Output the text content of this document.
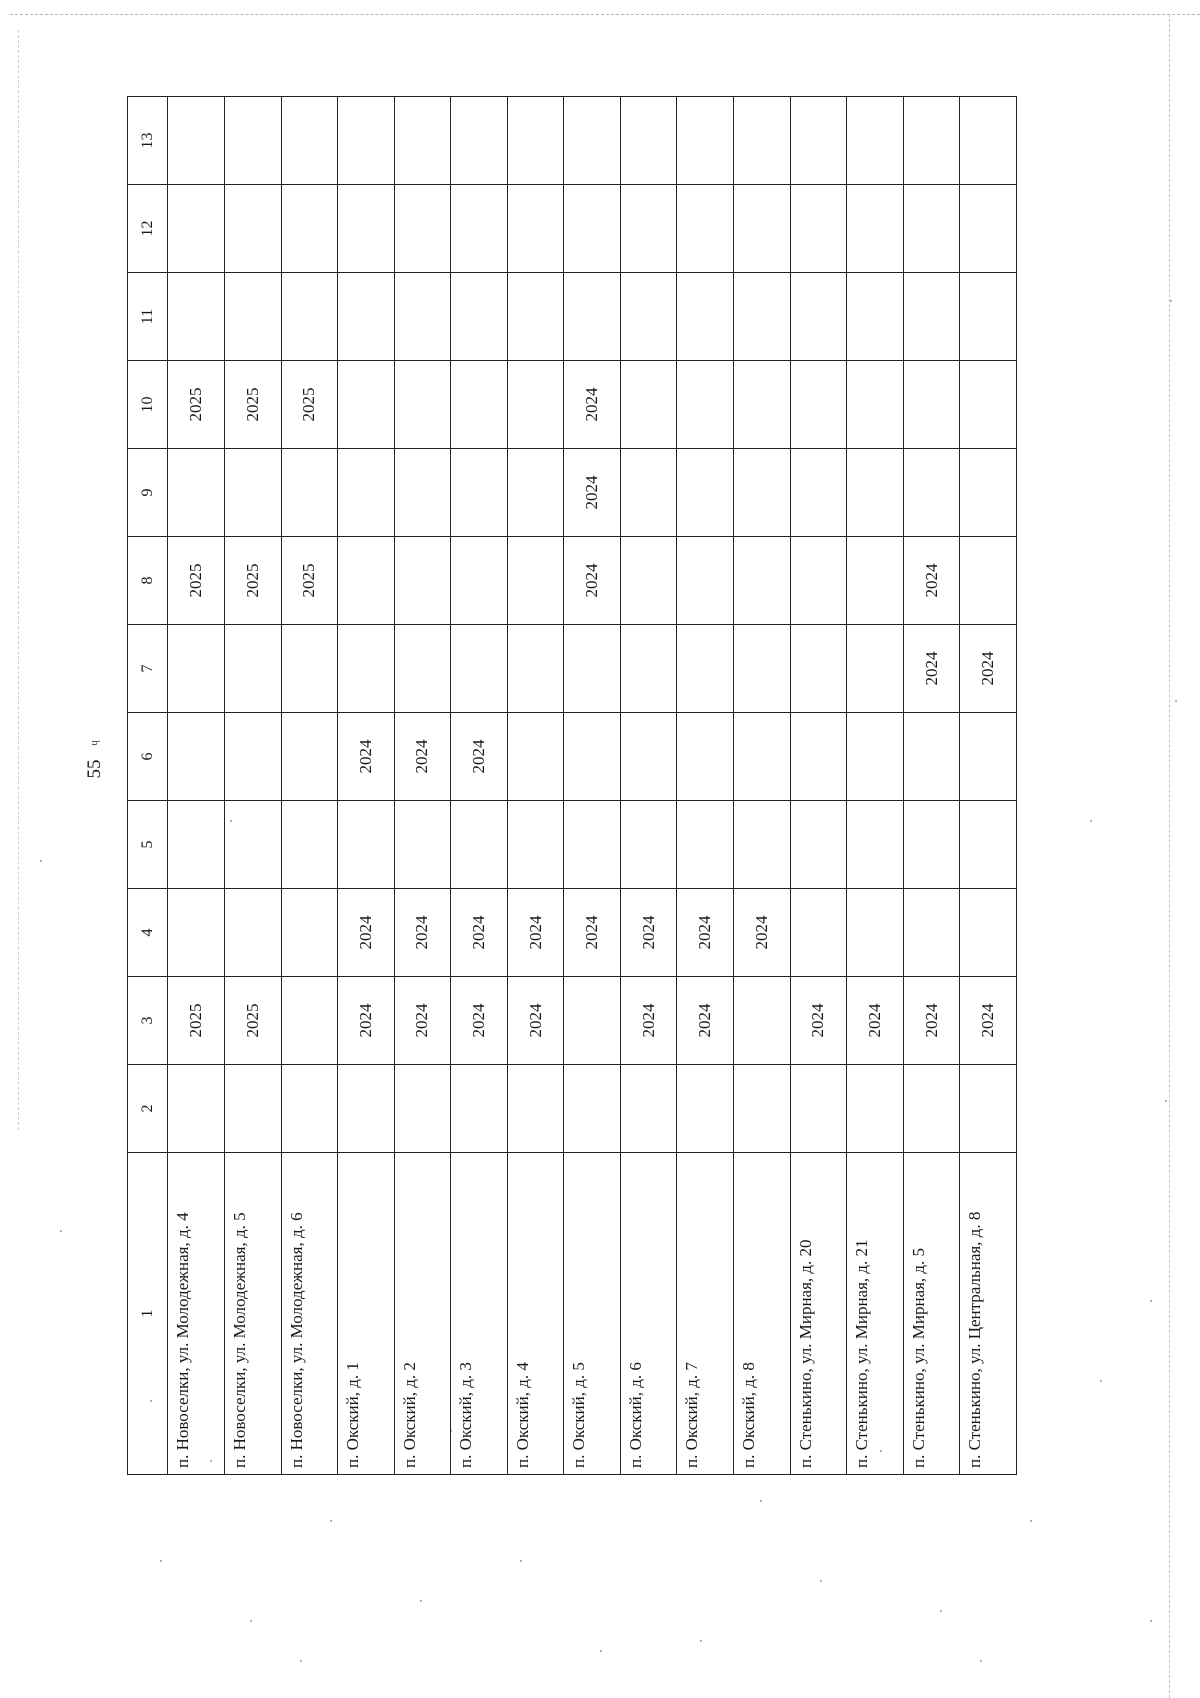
ɥ
55
1	2	3	4	5	6	7	8	9	10	11	12	13
п. Новоселки, ул. Молодежная, д. 4		2025					2025		2025			
п. Новоселки, ул. Молодежная, д. 5		2025					2025		2025			
п. Новоселки, ул. Молодежная, д. 6							2025		2025			
п. Окский, д. 1		2024	2024		2024							
п. Окский, д. 2		2024	2024		2024							
п. Окский, д. 3		2024	2024		2024							
п. Окский, д. 4		2024	2024									
п. Окский, д. 5			2024				2024	2024	2024			
п. Окский, д. 6		2024	2024									
п. Окский, д. 7		2024	2024									
п. Окский, д. 8			2024									
п. Стенькино, ул. Мирная, д. 20		2024										
п. Стенькино, ул. Мирная, д. 21		2024										
п. Стенькино, ул. Мирная, д. 5		2024				2024	2024					
п. Стенькино, ул. Центральная, д. 8		2024				2024						
